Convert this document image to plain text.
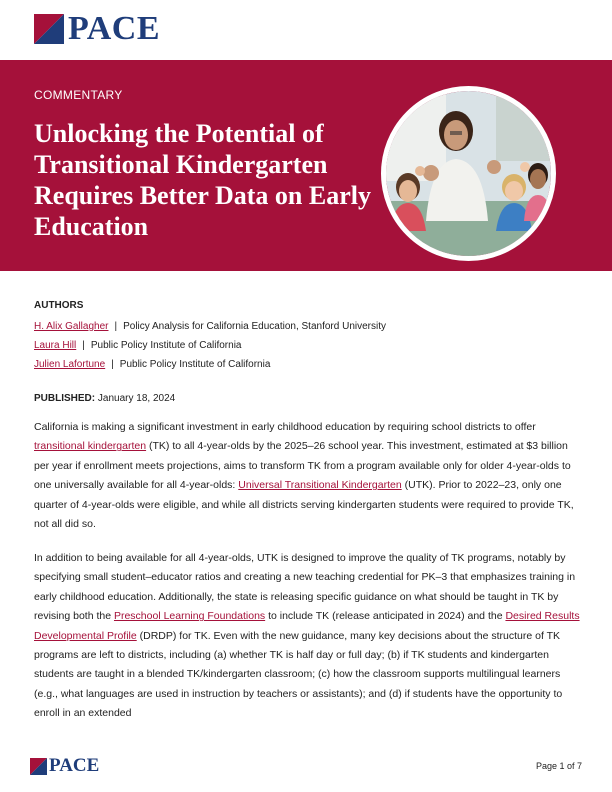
PACE
COMMENTARY
Unlocking the Potential of Transitional Kindergarten Requires Better Data on Early Education
AUTHORS
H. Alix Gallagher | Policy Analysis for California Education, Stanford University
Laura Hill | Public Policy Institute of California
Julien Lafortune | Public Policy Institute of California
PUBLISHED: January 18, 2024

California is making a significant investment in early childhood education by requiring school districts to offer transitional kindergarten (TK) to all 4-year-olds by the 2025–26 school year. This investment, estimated at $3 billion per year if enrollment meets projections, aims to transform TK from a program available only for older 4-year-olds to one universally available for all 4-year-olds: Universal Transitional Kindergarten (UTK). Prior to 2022–23, only one quarter of 4-year-olds were eligible, and while all districts serving kindergarten students were required to provide TK, not all did so.

In addition to being available for all 4-year-olds, UTK is designed to improve the quality of TK programs, notably by specifying small student–educator ratios and creating a new teaching credential for PK–3 that emphasizes training in early childhood education. Additionally, the state is releasing specific guidance on what should be taught in TK by revising both the Preschool Learning Foundations to include TK (release anticipated in 2024) and the Desired Results Developmental Profile (DRDP) for TK. Even with the new guidance, many key decisions about the structure of TK programs are left to districts, including (a) whether TK is half day or full day; (b) if TK students and kindergarten students are taught in a blended TK/kindergarten classroom; (c) how the classroom supports multilingual learners (e.g., what languages are used in instruction by teachers or assistants); and (d) if students have the opportunity to enroll in an extended

PACE	Page 1 of 7
